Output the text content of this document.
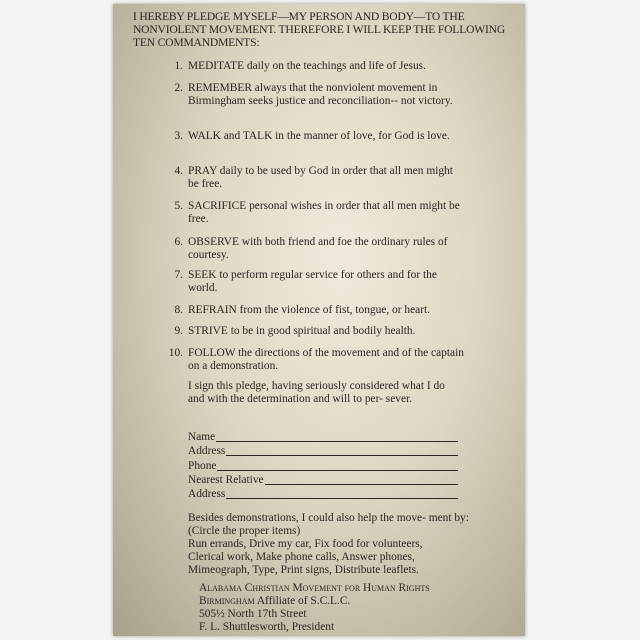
I HEREBY PLEDGE MYSELF—MY PERSON AND BODY—TO THE NONVIOLENT MOVEMENT. THEREFORE I WILL KEEP THE FOLLOWING TEN COMMANDMENTS:

1. MEDITATE daily on the teachings and life of Jesus.
2. REMEMBER always that the nonviolent movement in Birmingham seeks justice and reconciliation-- not victory.
3. WALK and TALK in the manner of love, for God is love.
4. PRAY daily to be used by God in order that all men might be free.
5. SACRIFICE personal wishes in order that all men might be free.
6. OBSERVE with both friend and foe the ordinary rules of courtesy.
7. SEEK to perform regular service for others and for the world.
8. REFRAIN from the violence of fist, tongue, or heart.
9. STRIVE to be in good spiritual and bodily health.
10. FOLLOW the directions of the movement and of the captain on a demonstration.

I sign this pledge, having seriously considered what I do and with the determination and will to per- sever.

Name
Address
Phone
Nearest Relative
Address
Besides demonstrations, I could also help the move- ment by: (Circle the proper items)
Run errands, Drive my car, Fix food for volunteers,
Clerical work, Make phone calls, Answer phones,
Mimeograph, Type, Print signs, Distribute leaflets.
Alabama Christian Movement for Human Rights
Birmingham Affiliate of S.C.L.C.
505½ North 17th Street
F. L. Shuttlesworth, President
